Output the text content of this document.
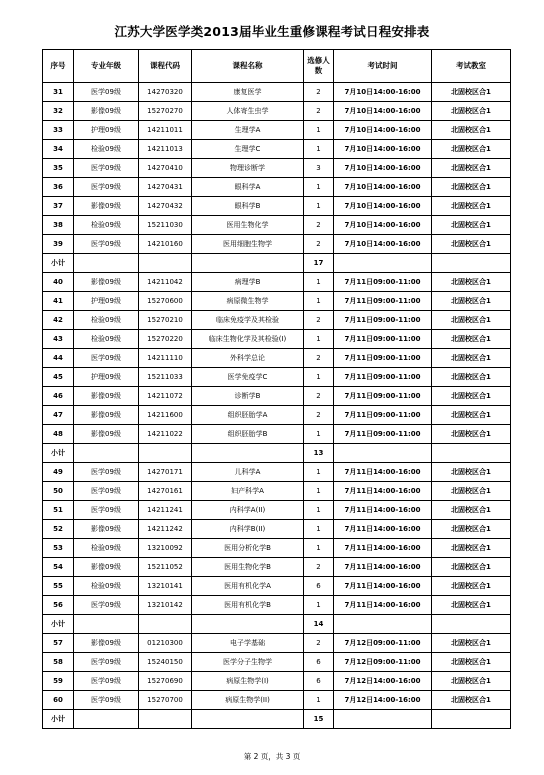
江苏大学医学类2013届毕业生重修课程考试日程安排表
序号	专业年级	课程代码	课程名称	选修人数	考试时间	考试教室
31	医学09级	14270320	康复医学	2	7月10日14:00-16:00	北固校区合1
32	影像09级	15270270	人体寄生虫学	2	7月10日14:00-16:00	北固校区合1
33	护理09级	14211011	生理学A	1	7月10日14:00-16:00	北固校区合1
34	检验09级	14211013	生理学C	1	7月10日14:00-16:00	北固校区合1
35	医学09级	14270410	物理诊断学	3	7月10日14:00-16:00	北固校区合1
36	医学09级	14270431	眼科学A	1	7月10日14:00-16:00	北固校区合1
37	影像09级	14270432	眼科学B	1	7月10日14:00-16:00	北固校区合1
38	检验09级	15211030	医用生物化学	2	7月10日14:00-16:00	北固校区合1
39	医学09级	14210160	医用细胞生物学	2	7月10日14:00-16:00	北固校区合1
小计				17		
40	影像09级	14211042	病理学B	1	7月11日09:00-11:00	北固校区合1
41	护理09级	15270600	病原微生物学	1	7月11日09:00-11:00	北固校区合1
42	检验09级	15270210	临床免疫学及其检验	2	7月11日09:00-11:00	北固校区合1
43	检验09级	15270220	临床生物化学及其检验(I)	1	7月11日09:00-11:00	北固校区合1
44	医学09级	14211110	外科学总论	2	7月11日09:00-11:00	北固校区合1
45	护理09级	15211033	医学免疫学C	1	7月11日09:00-11:00	北固校区合1
46	影像09级	14211072	诊断学B	2	7月11日09:00-11:00	北固校区合1
47	影像09级	14211600	组织胚胎学A	2	7月11日09:00-11:00	北固校区合1
48	影像09级	14211022	组织胚胎学B	1	7月11日09:00-11:00	北固校区合1
小计				13		
49	医学09级	14270171	儿科学A	1	7月11日14:00-16:00	北固校区合1
50	医学09级	14270161	妇产科学A	1	7月11日14:00-16:00	北固校区合1
51	医学09级	14211241	内科学A(II)	1	7月11日14:00-16:00	北固校区合1
52	影像09级	14211242	内科学B(II)	1	7月11日14:00-16:00	北固校区合1
53	检验09级	13210092	医用分析化学B	1	7月11日14:00-16:00	北固校区合1
54	影像09级	15211052	医用生物化学B	2	7月11日14:00-16:00	北固校区合1
55	检验09级	13210141	医用有机化学A	6	7月11日14:00-16:00	北固校区合1
56	医学09级	13210142	医用有机化学B	1	7月11日14:00-16:00	北固校区合1
小计				14		
57	影像09级	01210300	电子学基础	2	7月12日09:00-11:00	北固校区合1
58	医学09级	15240150	医学分子生物学	6	7月12日09:00-11:00	北固校区合1
59	医学09级	15270690	病原生物学(I)	6	7月12日14:00-16:00	北固校区合1
60	医学09级	15270700	病原生物学(II)	1	7月12日14:00-16:00	北固校区合1
小计				15		
第 2 页，共 3 页
